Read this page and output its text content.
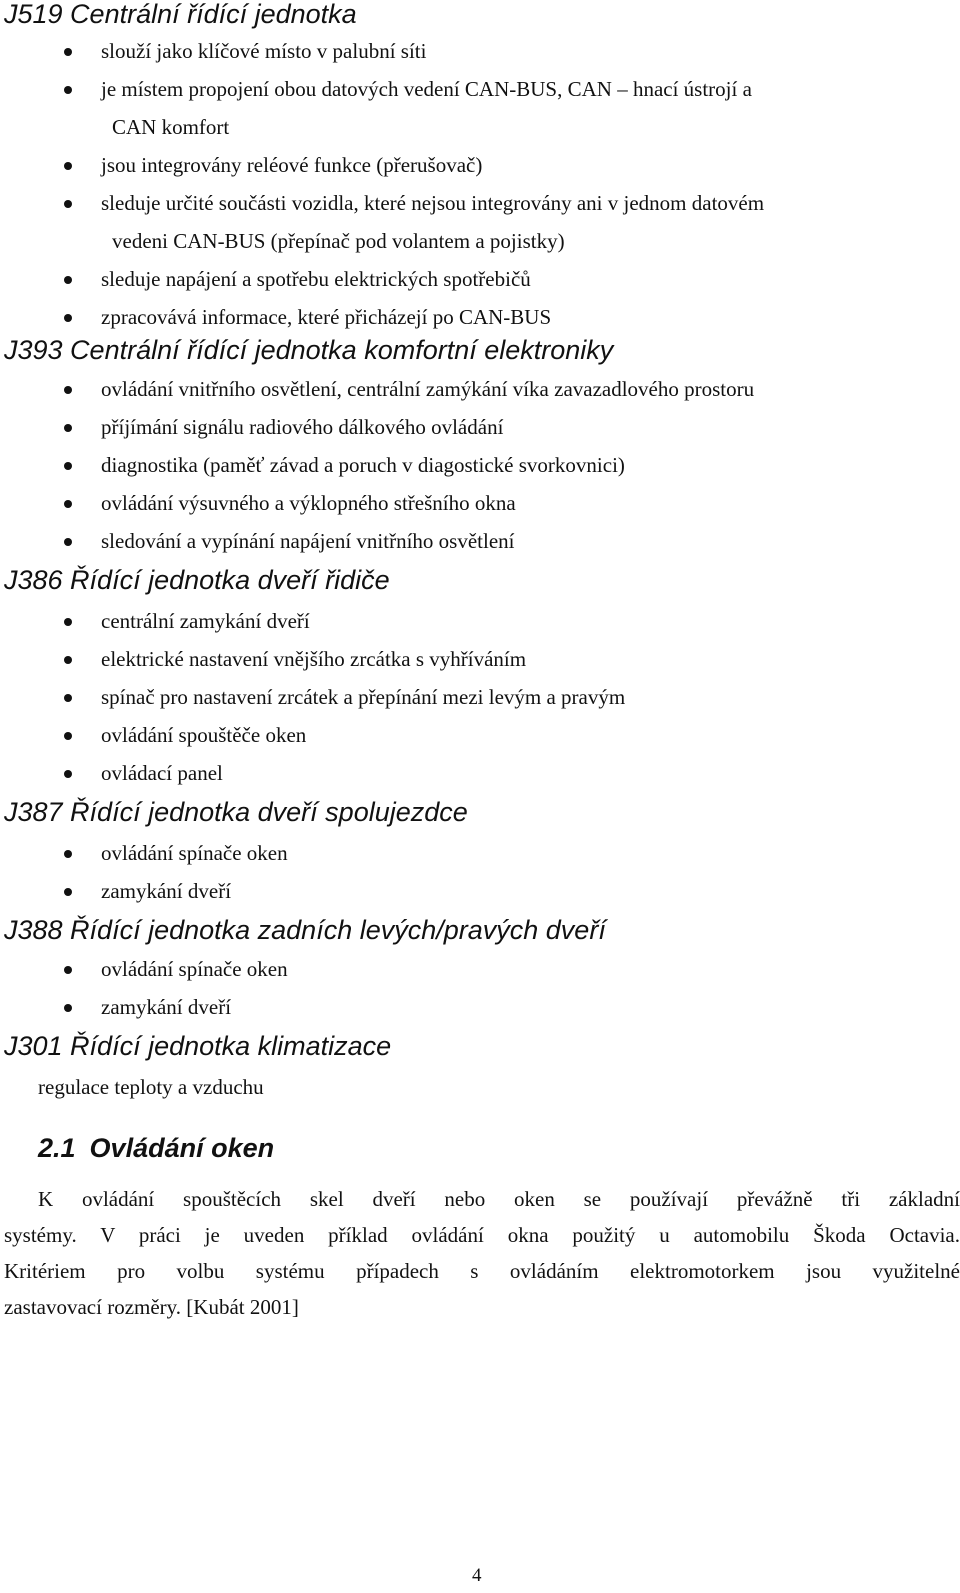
J519 Centrální řídící jednotka
slouží jako klíčové místo v palubní síti
je místem propojení obou datových vedení CAN-BUS, CAN – hnací ústrojí a
CAN komfort
jsou integrovány reléové funkce (přerušovač)
sleduje určité součásti vozidla, které nejsou integrovány ani v jednom datovém
vedeni CAN-BUS (přepínač pod volantem a pojistky)
sleduje napájení a spotřebu elektrických spotřebičů
zpracovává informace, které přicházejí po CAN-BUS
J393 Centrální řídící jednotka komfortní elektroniky
ovládání vnitřního osvětlení, centrální zamýkání víka zavazadlového prostoru
příjímání signálu radiového dálkového ovládání
diagnostika (paměť závad a poruch v diagostické svorkovnici)
ovládání výsuvného a výklopného střešního okna
sledování a vypínání napájení vnitřního osvětlení
J386 Řídící jednotka dveří řidiče
centrální zamykání dveří
elektrické nastavení vnějšího zrcátka s vyhříváním
spínač pro nastavení zrcátek a přepínání mezi levým a pravým
ovládání spouštěče oken
ovládací panel
J387 Řídící jednotka dveří spolujezdce
ovládání spínače oken
zamykání dveří
J388 Řídící jednotka zadních levých/pravých dveří
ovládání spínače oken
zamykání dveří
J301 Řídící jednotka klimatizace

regulace teploty a vzduchu

2.1 Ovládání oken
K ovládání spouštěcích skel dveří nebo oken se používají převážně tři základní
systémy. V práci je uveden příklad ovládání okna použitý u automobilu Škoda Octavia.
Kritériem pro volbu systému případech s ovládáním elektromotorkem jsou využitelné
zastavovací rozměry. [Kubát 2001]

4
